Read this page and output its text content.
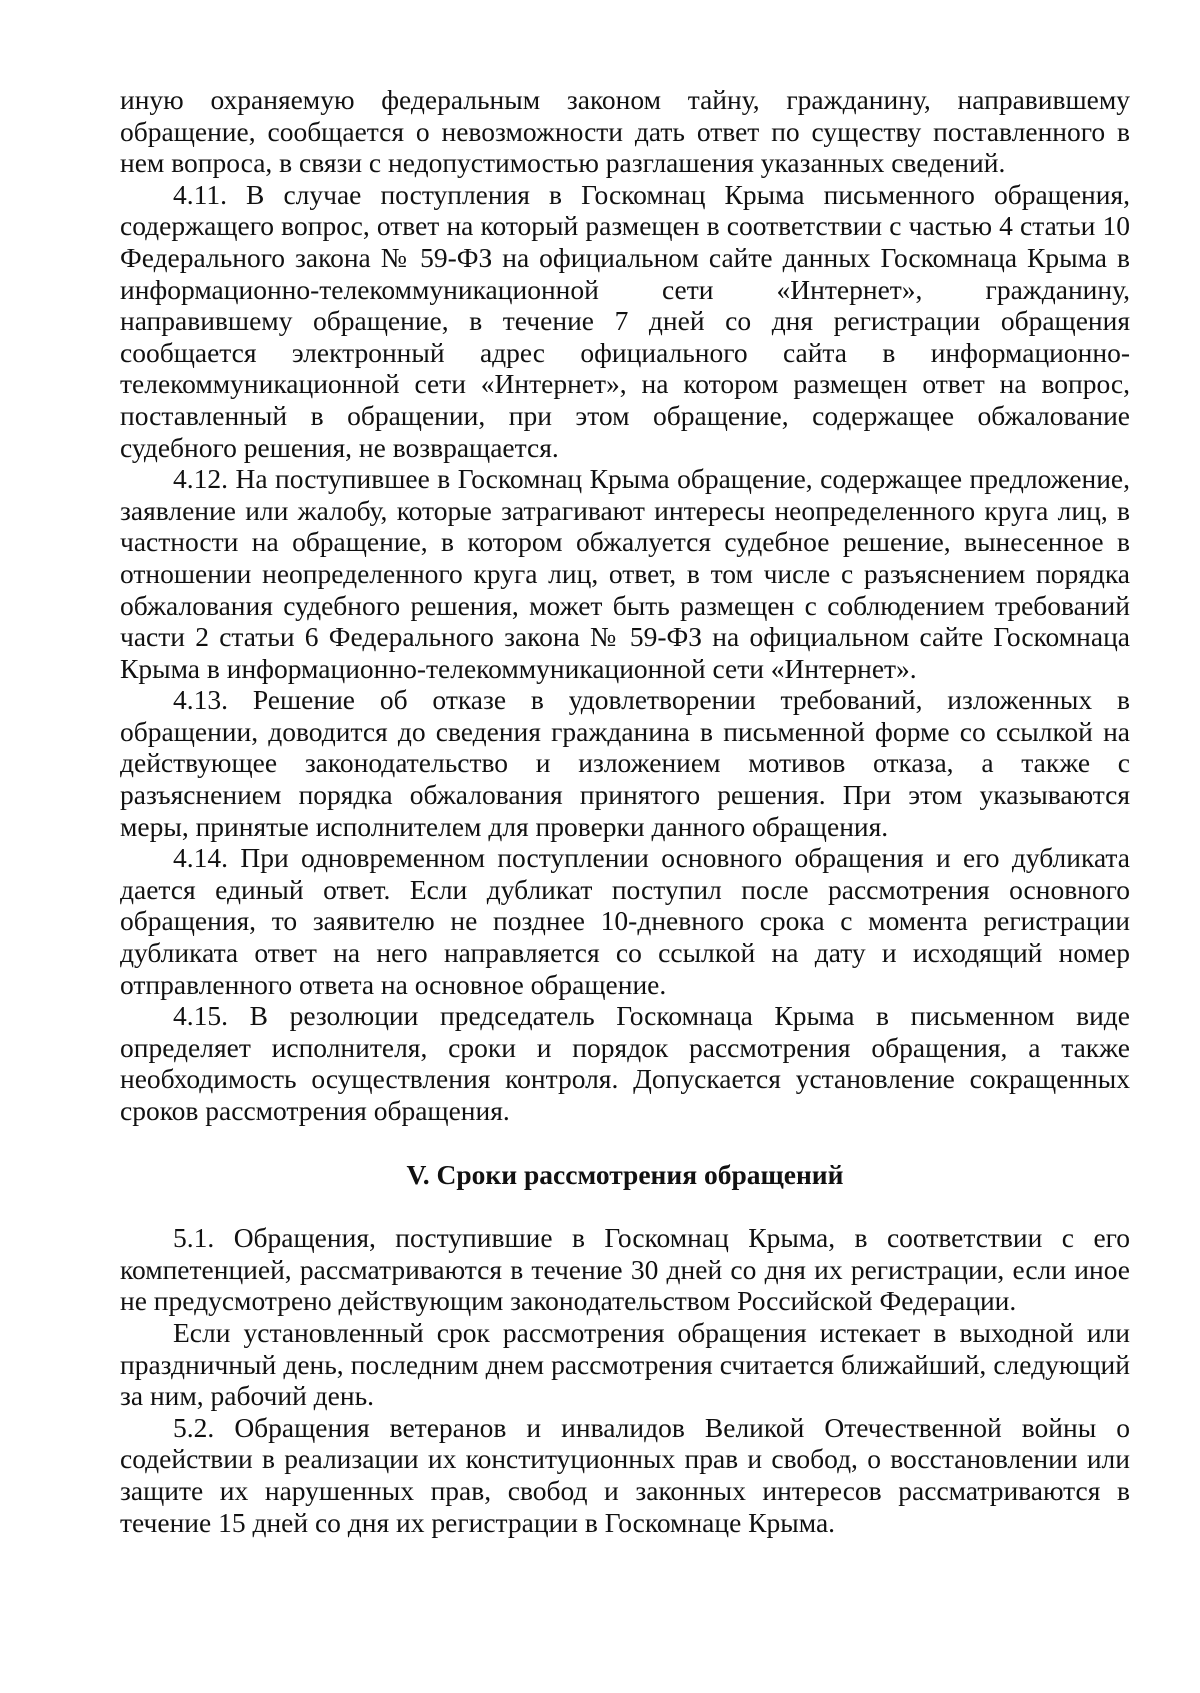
иную охраняемую федеральным законом тайну, гражданину, направившему обращение, сообщается о невозможности дать ответ по существу поставленного в нем вопроса, в связи с недопустимостью разглашения указанных сведений.

4.11. В случае поступления в Госкомнац Крыма письменного обращения, содержащего вопрос, ответ на который размещен в соответствии с частью 4 статьи 10 Федерального закона № 59-ФЗ на официальном сайте данных Госкомнаца Крыма в информационно-телекоммуникационной сети «Интернет», гражданину, направившему обращение, в течение 7 дней со дня регистрации обращения сообщается электронный адрес официального сайта в информационно-телекоммуникационной сети «Интернет», на котором размещен ответ на вопрос, поставленный в обращении, при этом обращение, содержащее обжалование судебного решения, не возвращается.

4.12. На поступившее в Госкомнац Крыма обращение, содержащее предложение, заявление или жалобу, которые затрагивают интересы неопределенного круга лиц, в частности на обращение, в котором обжалуется судебное решение, вынесенное в отношении неопределенного круга лиц, ответ, в том числе с разъяснением порядка обжалования судебного решения, может быть размещен с соблюдением требований части 2 статьи 6 Федерального закона № 59-ФЗ на официальном сайте Госкомнаца Крыма в информационно-телекоммуникационной сети «Интернет».

4.13. Решение об отказе в удовлетворении требований, изложенных в обращении, доводится до сведения гражданина в письменной форме со ссылкой на действующее законодательство и изложением мотивов отказа, а также с разъяснением порядка обжалования принятого решения. При этом указываются меры, принятые исполнителем для проверки данного обращения.

4.14. При одновременном поступлении основного обращения и его дубликата дается единый ответ. Если дубликат поступил после рассмотрения основного обращения, то заявителю не позднее 10-дневного срока с момента регистрации дубликата ответ на него направляется со ссылкой на дату и исходящий номер отправленного ответа на основное обращение.

4.15. В резолюции председатель Госкомнаца Крыма в письменном виде определяет исполнителя, сроки и порядок рассмотрения обращения, а также необходимость осуществления контроля. Допускается установление сокращенных сроков рассмотрения обращения.

V. Сроки рассмотрения обращений

5.1. Обращения, поступившие в Госкомнац Крыма, в соответствии с его компетенцией, рассматриваются в течение 30 дней со дня их регистрации, если иное не предусмотрено действующим законодательством Российской Федерации.

Если установленный срок рассмотрения обращения истекает в выходной или праздничный день, последним днем рассмотрения считается ближайший, следующий за ним, рабочий день.

5.2. Обращения ветеранов и инвалидов Великой Отечественной войны о содействии в реализации их конституционных прав и свобод, о восстановлении или защите их нарушенных прав, свобод и законных интересов рассматриваются в течение 15 дней со дня их регистрации в Госкомнаце Крыма.
